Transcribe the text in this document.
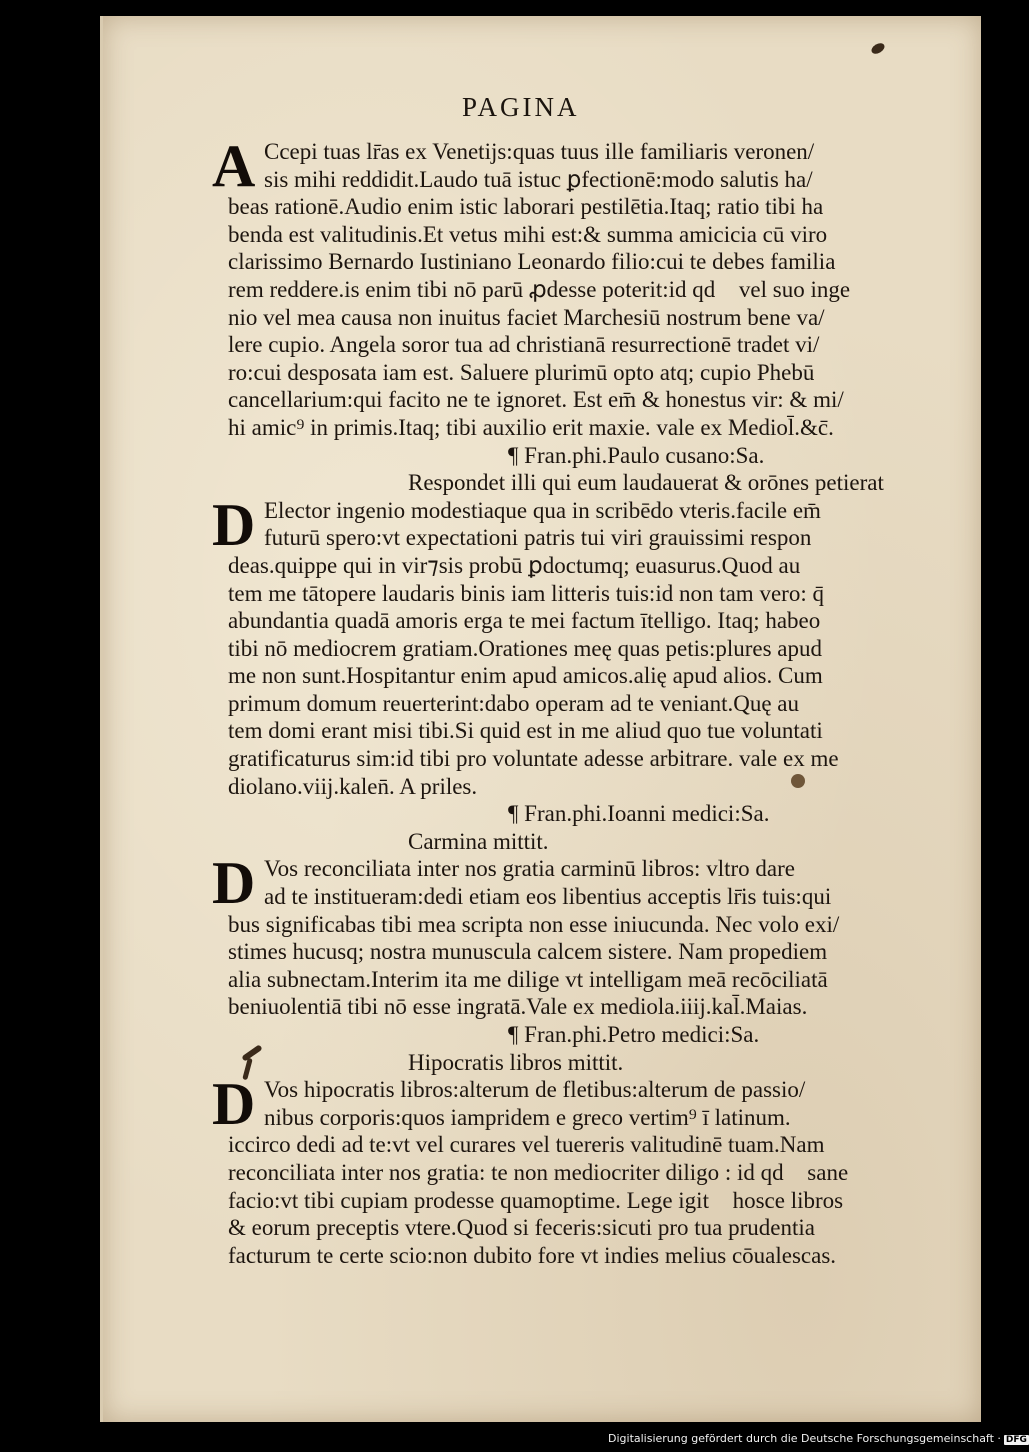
PAGINA
A Ccepi tuas lr̄as ex Venetijs:quas tuus ille familiaris veronen/
sis mihi reddidit.Laudo tuā istuc ꝑfectionē:modo salutis ha/
beas rationē.Audio enim istic laborari pestilētia.Itaq; ratio tibi ha
benda est valitudinis.Et vetus mihi est:& summa amicicia cū viro
clarissimo Bernardo Iustiniano Leonardo filio:cui te debes familia
rem reddere.is enim tibi nō parū ꝓdesse poterit:id qd᷑ vel suo inge
nio vel mea causa non inuitus faciet Marchesiū nostrum bene va/
lere cupio. Angela soror tua ad christianā resurrectionē tradet vi/
ro:cui desposata iam est. Saluere plurimū opto atq; cupio Phebū
cancellarium:qui facito ne te ignoret. Est em̄ & honestus vir: & mi/
hi amic⁹ in primis.Itaq; tibi auxilio erit maxie. vale ex Mediol̄.&c̄.
¶ Fran.phi.Paulo cusano:Sa.
Respondet illi qui eum laudauerat & orōnes petierat
D Elector ingenio modestiaque qua in scribēdo vteris.facile em̄
futurū spero:vt expectationi patris tui viri grauissimi respon
deas.quippe qui in vir⁊sis probū ꝑdoctumq; euasurus.Quod au
tem me tātopere laudaris binis iam litteris tuis:id non tam vero: q̄
abundantia quadā amoris erga te mei factum ītelligo. Itaq; habeo
tibi nō mediocrem gratiam.Orationes meę quas petis:plures apud
me non sunt.Hospitantur enim apud amicos.alię apud alios. Cum
primum domum reuerterint:dabo operam ad te veniant.Quę au
tem domi erant misi tibi.Si quid est in me aliud quo tue voluntati
gratificaturus sim:id tibi pro voluntate adesse arbitrare. vale ex me
diolano.viij.kalen̄. A priles.
¶ Fran.phi.Ioanni medici:Sa.
Carmina mittit.
D Vos reconciliata inter nos gratia carminū libros: vltro dare
ad te institueram:dedi etiam eos libentius acceptis lr̄is tuis:qui
bus significabas tibi mea scripta non esse iniucunda. Nec volo exi/
stimes hucusq; nostra munuscula calcem sistere. Nam propediem
alia subnectam.Interim ita me dilige vt intelligam meā recōciliatā
beniuolentiā tibi nō esse ingratā.Vale ex mediola.iiij.kal̄.Maias.
¶ Fran.phi.Petro medici:Sa.
Hipocratis libros mittit.
D Vos hipocratis libros:alterum de fletibus:alterum de passio/
nibus corporis:quos iampridem e greco vertim⁹ ī latinum.
iccirco dedi ad te:vt vel curares vel tuereris valitudinē tuam.Nam
reconciliata inter nos gratia: te non mediocriter diligo : id qd᷑ sane
facio:vt tibi cupiam prodesse quamoptime. Lege igit᷑ hosce libros
& eorum preceptis vtere.Quod si feceris:sicuti pro tua prudentia
facturum te certe scio:non dubito fore vt indies melius cōualescas.
Digitalisierung gefördert durch die Deutsche Forschungsgemeinschaft · DFG
